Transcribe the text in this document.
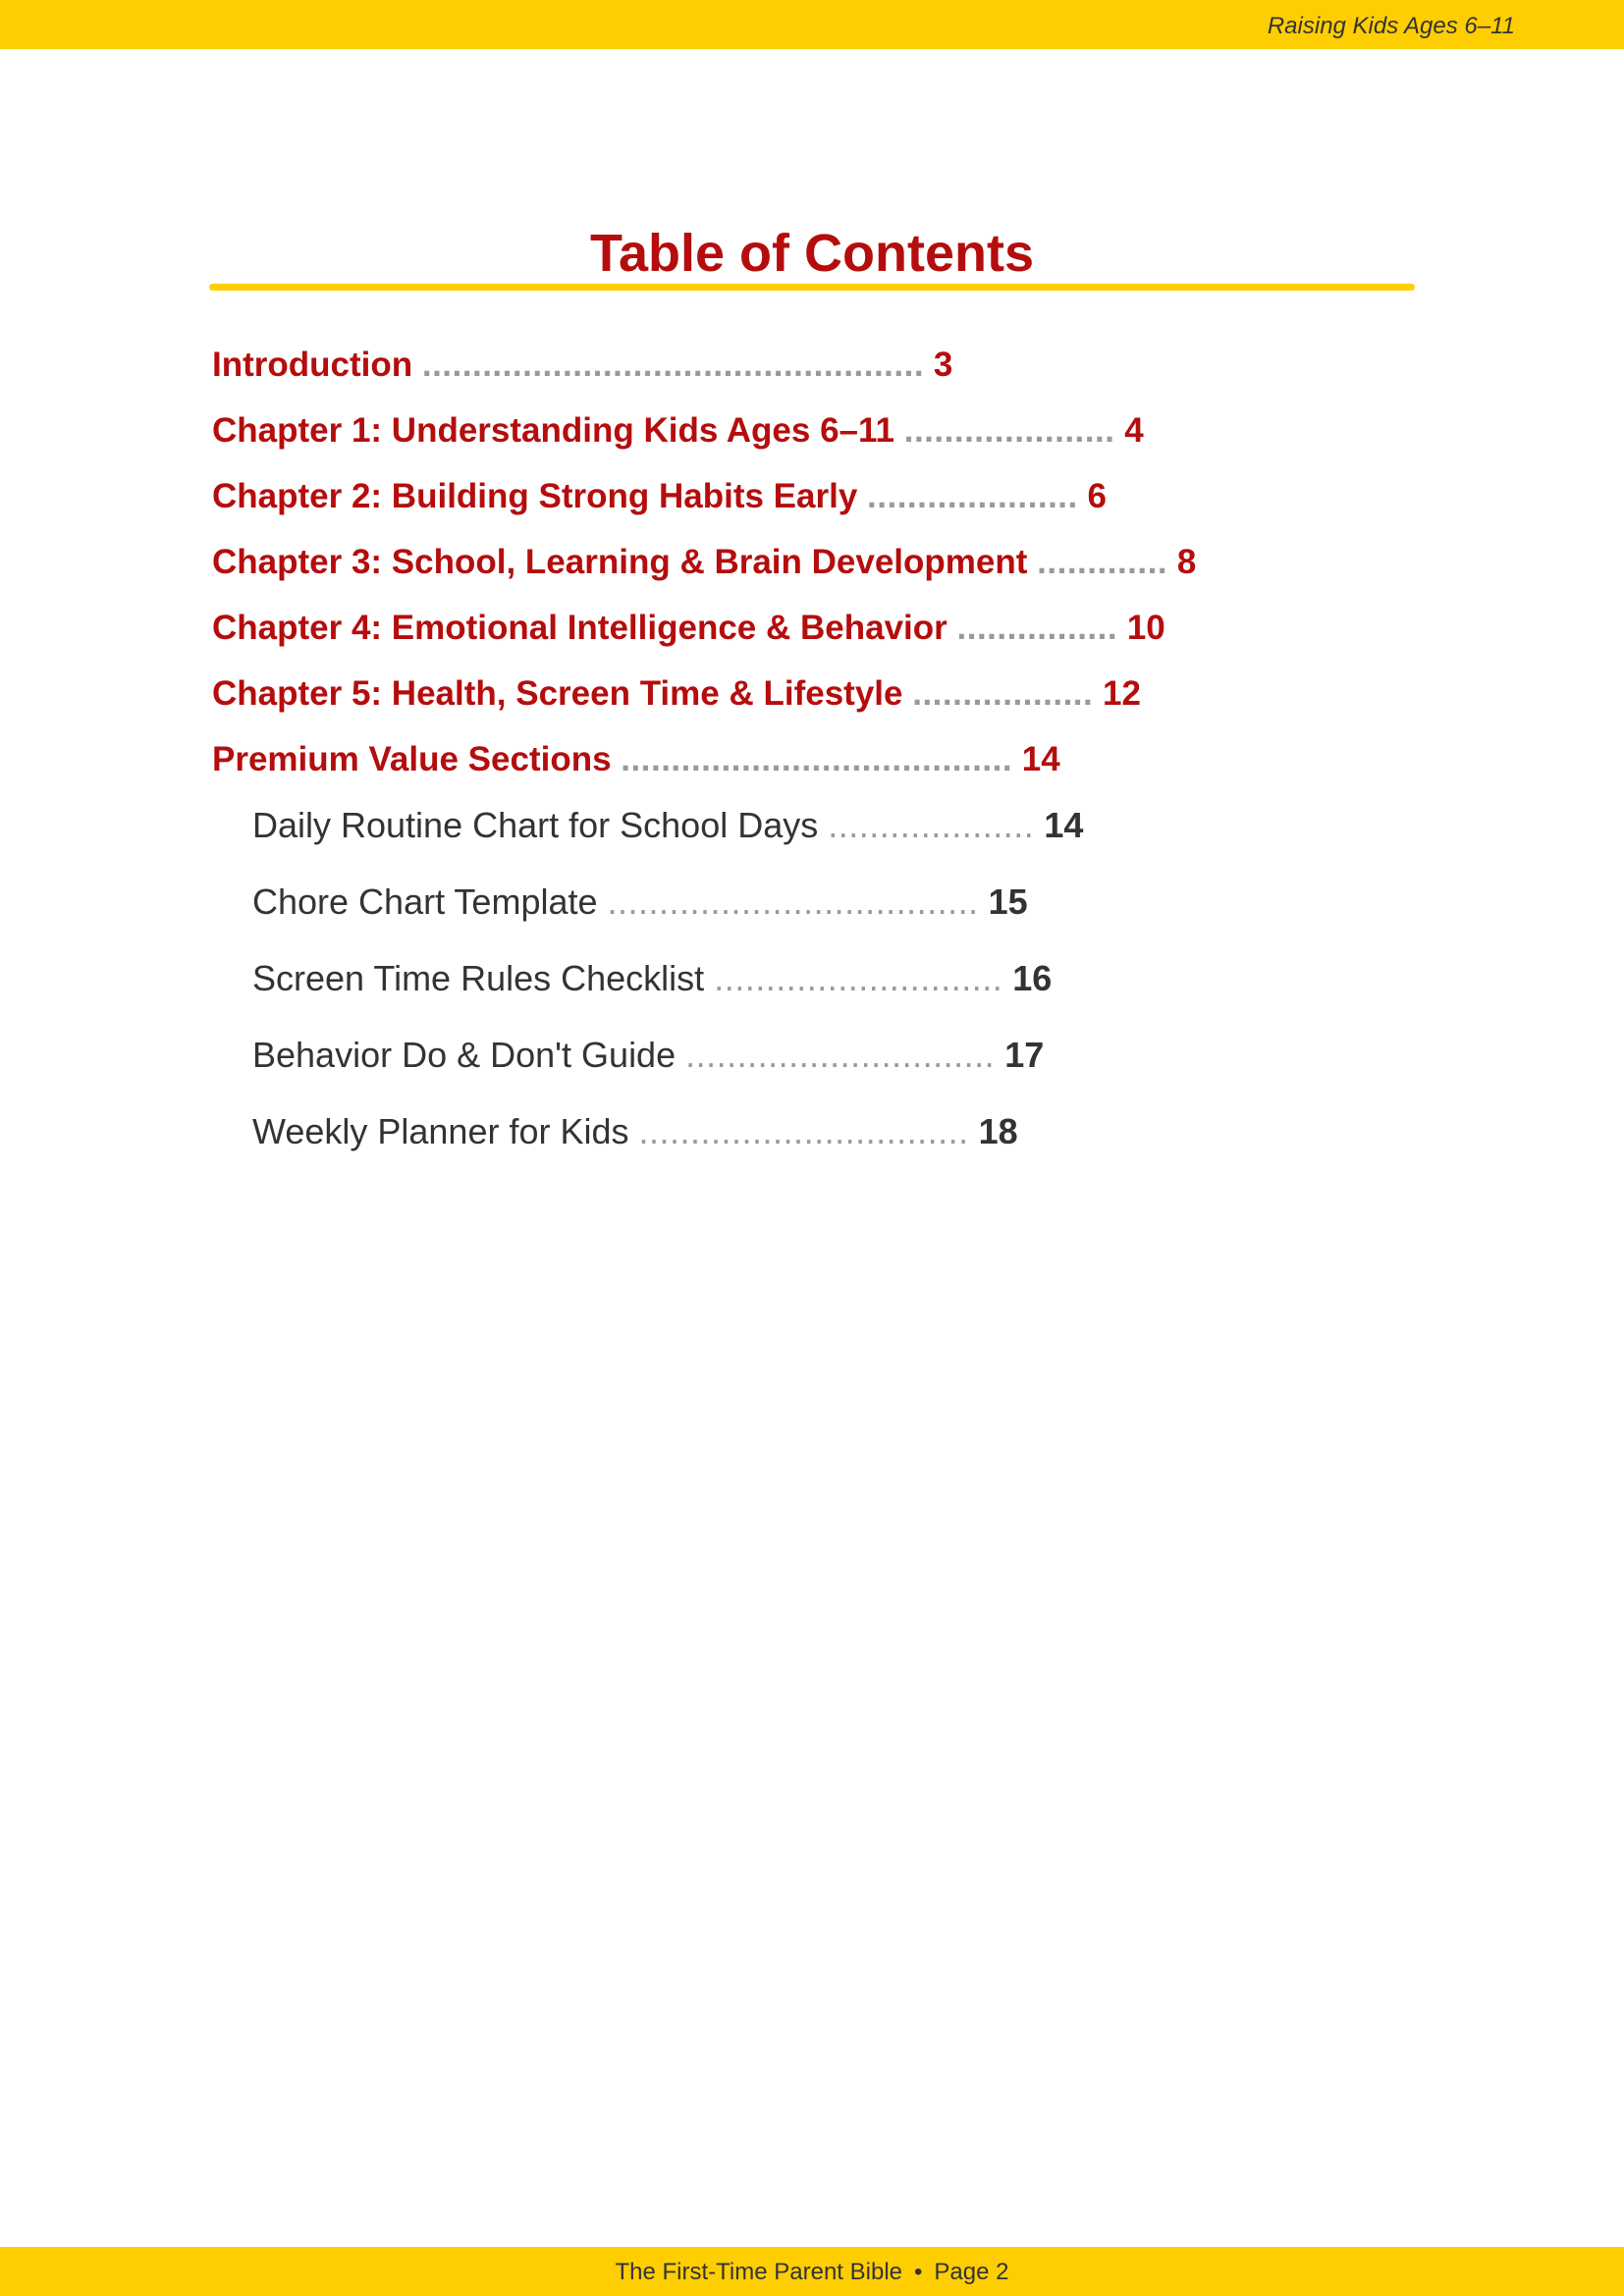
Raising Kids Ages 6–11
Table of Contents
Introduction .................................................. 3
Chapter 1: Understanding Kids Ages 6–11 ..................... 4
Chapter 2: Building Strong Habits Early ..................... 6
Chapter 3: School, Learning & Brain Development ............. 8
Chapter 4: Emotional Intelligence & Behavior ................ 10
Chapter 5: Health, Screen Time & Lifestyle .................. 12
Premium Value Sections ....................................... 14
Daily Routine Chart for School Days .................... 14
Chore Chart Template .................................... 15
Screen Time Rules Checklist ............................ 16
Behavior Do & Don't Guide .............................. 17
Weekly Planner for Kids ................................ 18
The First-Time Parent Bible • Page 2
